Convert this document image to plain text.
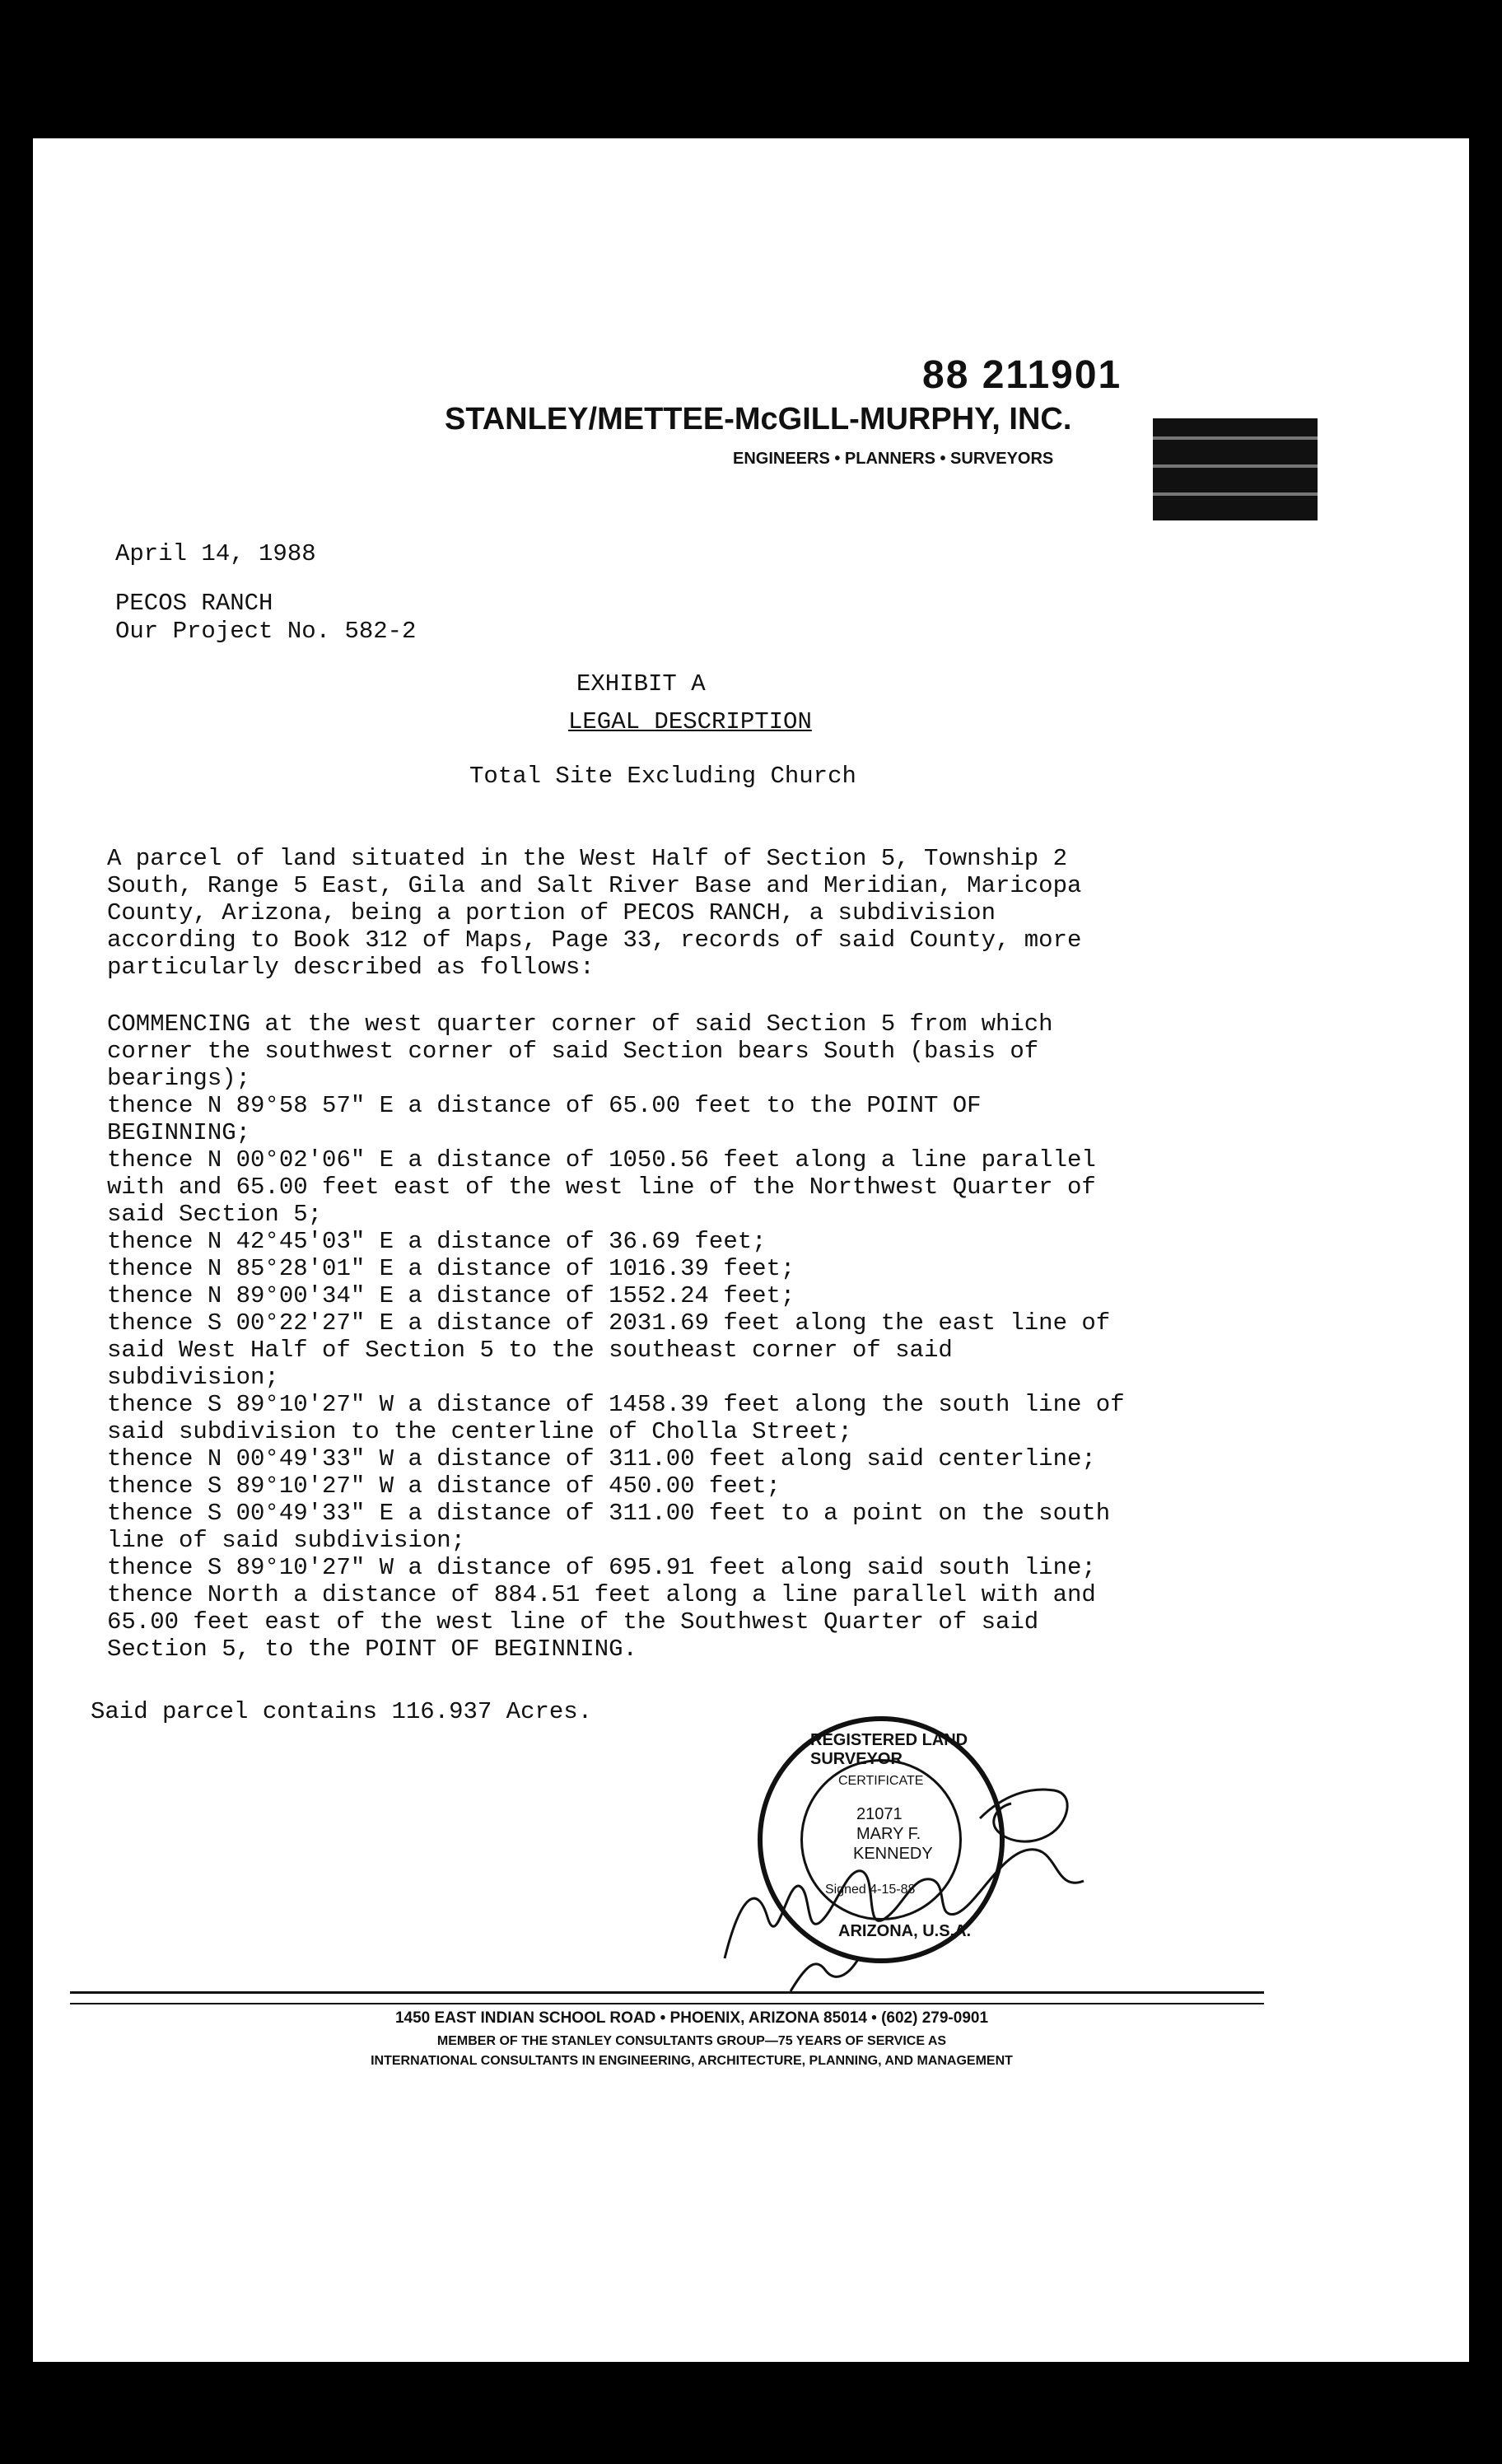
88 211901
STANLEY/METTEE-McGILL-MURPHY, INC.
ENGINEERS • PLANNERS • SURVEYORS
April 14, 1988
PECOS RANCH
Our Project No. 582-2
EXHIBIT A
LEGAL DESCRIPTION
Total Site Excluding Church
A parcel of land situated in the West Half of Section 5, Township 2
South, Range 5 East, Gila and Salt River Base and Meridian, Maricopa
County, Arizona, being a portion of PECOS RANCH, a subdivision
according to Book 312 of Maps, Page 33, records of said County, more
particularly described as follows:
COMMENCING at the west quarter corner of said Section 5 from which
corner the southwest corner of said Section bears South (basis of
bearings);
thence N 89°58 57" E a distance of 65.00 feet to the POINT OF
BEGINNING;
thence N 00°02'06" E a distance of 1050.56 feet along a line parallel
with and 65.00 feet east of the west line of the Northwest Quarter of
said Section 5;
thence N 42°45'03" E a distance of 36.69 feet;
thence N 85°28'01" E a distance of 1016.39 feet;
thence N 89°00'34" E a distance of 1552.24 feet;
thence S 00°22'27" E a distance of 2031.69 feet along the east line of
said West Half of Section 5 to the southeast corner of said
subdivision;
thence S 89°10'27" W a distance of 1458.39 feet along the south line of
said subdivision to the centerline of Cholla Street;
thence N 00°49'33" W a distance of 311.00 feet along said centerline;
thence S 89°10'27" W a distance of 450.00 feet;
thence S 00°49'33" E a distance of 311.00 feet to a point on the south
line of said subdivision;
thence S 89°10'27" W a distance of 695.91 feet along said south line;
thence North a distance of 884.51 feet along a line parallel with and
65.00 feet east of the west line of the Southwest Quarter of said
Section 5, to the POINT OF BEGINNING.
Said parcel contains 116.937 Acres.
REGISTERED LAND SURVEYOR
ARIZONA, U.S.A.
CERTIFICATE
21071
MARY F.
KENNEDY
Signed 4-15-88
1450 EAST INDIAN SCHOOL ROAD • PHOENIX, ARIZONA 85014 • (602) 279-0901
MEMBER OF THE STANLEY CONSULTANTS GROUP—75 YEARS OF SERVICE AS
INTERNATIONAL CONSULTANTS IN ENGINEERING, ARCHITECTURE, PLANNING, AND MANAGEMENT
